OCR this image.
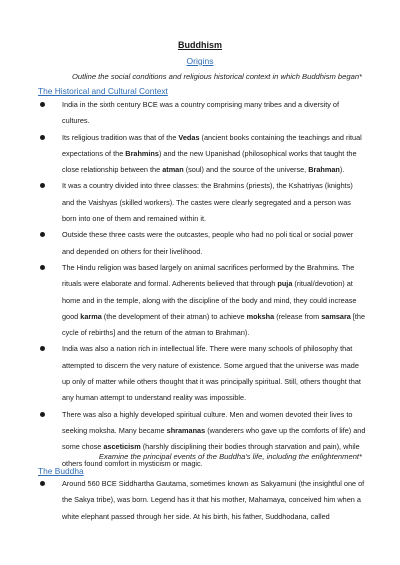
Buddhism
Origins
Outline the social conditions and religious historical context in which Buddhism began*
The Historical and Cultural Context
India in the sixth century BCE was a country comprising many tribes and a diversity of cultures.
Its religious tradition was that of the Vedas (ancient books containing the teachings and ritual expectations of the Brahmins) and the new Upanishad (philosophical works that taught the close relationship between the atman (soul) and the source of the universe, Brahman).
It was a country divided into three classes: the Brahmins (priests), the Kshatriyas (knights) and the Vaishyas (skilled workers). The castes were clearly segregated and a person was born into one of them and remained within it.
Outside these three casts were the outcastes, people who had no poli tical or social power and depended on others for their livelihood.
The Hindu religion was based largely on animal sacrifices performed by the Brahmins. The rituals were elaborate and formal. Adherents believed that through puja (ritual/devotion) at home and in the temple, along with the discipline of the body and mind, they could increase good karma (the development of their atman) to achieve moksha (release from samsara [the cycle of rebirths] and the return of the atman to Brahman).
India was also a nation rich in intellectual life. There were many schools of philosophy that attempted to discern the very nature of existence. Some argued that the universe was made up only of matter while others thought that it was principally spiritual. Still, others thought that any human attempt to understand reality was impossible.
There was also a highly developed spiritual culture. Men and women devoted their lives to seeking moksha. Many became shramanas (wanderers who gave up the comforts of life) and some chose asceticism (harshly disciplining their bodies through starvation and pain), while others found comfort in mysticism or magic.
Examine the principal events of the Buddha's life, including the enlightenment*
The Buddha
Around 560 BCE Siddhartha Gautama, sometimes known as Sakyamuni (the insightful one of the Sakya tribe), was born. Legend has it that his mother, Mahamaya, conceived him when a white elephant passed through her side. At his birth, his father, Suddhodana, called
